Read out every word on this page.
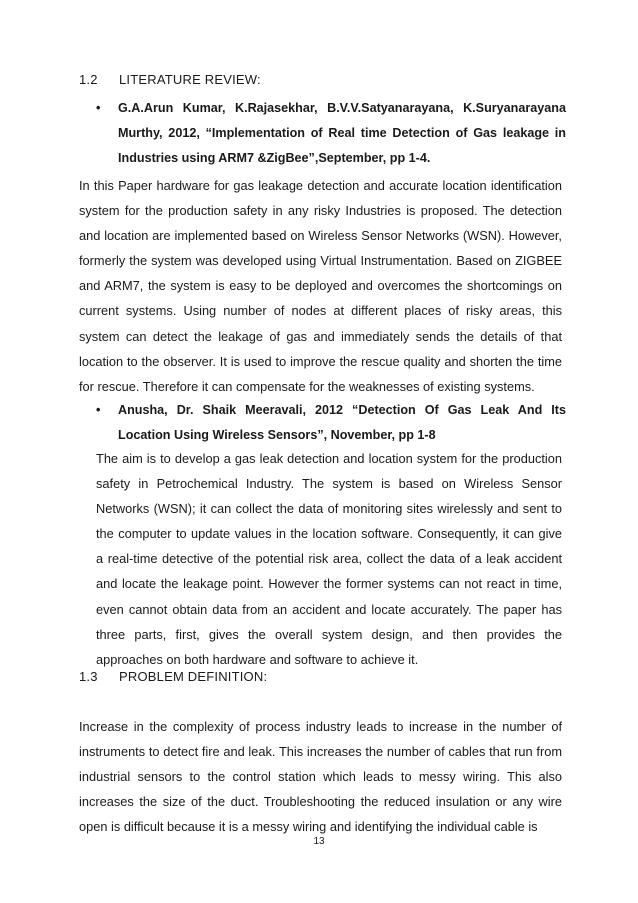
1.2 LITERATURE REVIEW:
•	G.A.Arun Kumar, K.Rajasekhar, B.V.V.Satyanarayana, K.Suryanarayana Murthy, 2012, “Implementation of Real time Detection of Gas leakage in Industries using ARM7 &ZigBee”,September, pp 1-4.

In this Paper hardware for gas leakage detection and accurate location identification system for the production safety in any risky Industries is proposed. The detection and location are implemented based on Wireless Sensor Networks (WSN). However, formerly the system was developed using Virtual Instrumentation. Based on ZIGBEE and ARM7, the system is easy to be deployed and overcomes the shortcomings on current systems. Using number of nodes at different places of risky areas, this system can detect the leakage of gas and immediately sends the details of that location to the observer. It is used to improve the rescue quality and shorten the time for rescue. Therefore it can compensate for the weaknesses of existing systems.

•	Anusha, Dr. Shaik Meeravali, 2012 “Detection Of Gas Leak And Its Location Using Wireless Sensors”, November, pp 1-8

The aim is to develop a gas leak detection and location system for the production safety in Petrochemical Industry. The system is based on Wireless Sensor Networks (WSN); it can collect the data of monitoring sites wirelessly and sent to the computer to update values in the location software. Consequently, it can give a real-time detective of the potential risk area, collect the data of a leak accident and locate the leakage point. However the former systems can not react in time, even cannot obtain data from an accident and locate accurately. The paper has three parts, first, gives the overall system design, and then provides the approaches on both hardware and software to achieve it.

1.3 PROBLEM DEFINITION:

Increase in the complexity of process industry leads to increase in the number of instruments to detect fire and leak. This increases the number of cables that run from industrial sensors to the control station which leads to messy wiring. This also increases the size of the duct. Troubleshooting the reduced insulation or any wire open is difficult because it is a messy wiring and identifying the individual cable is

13
